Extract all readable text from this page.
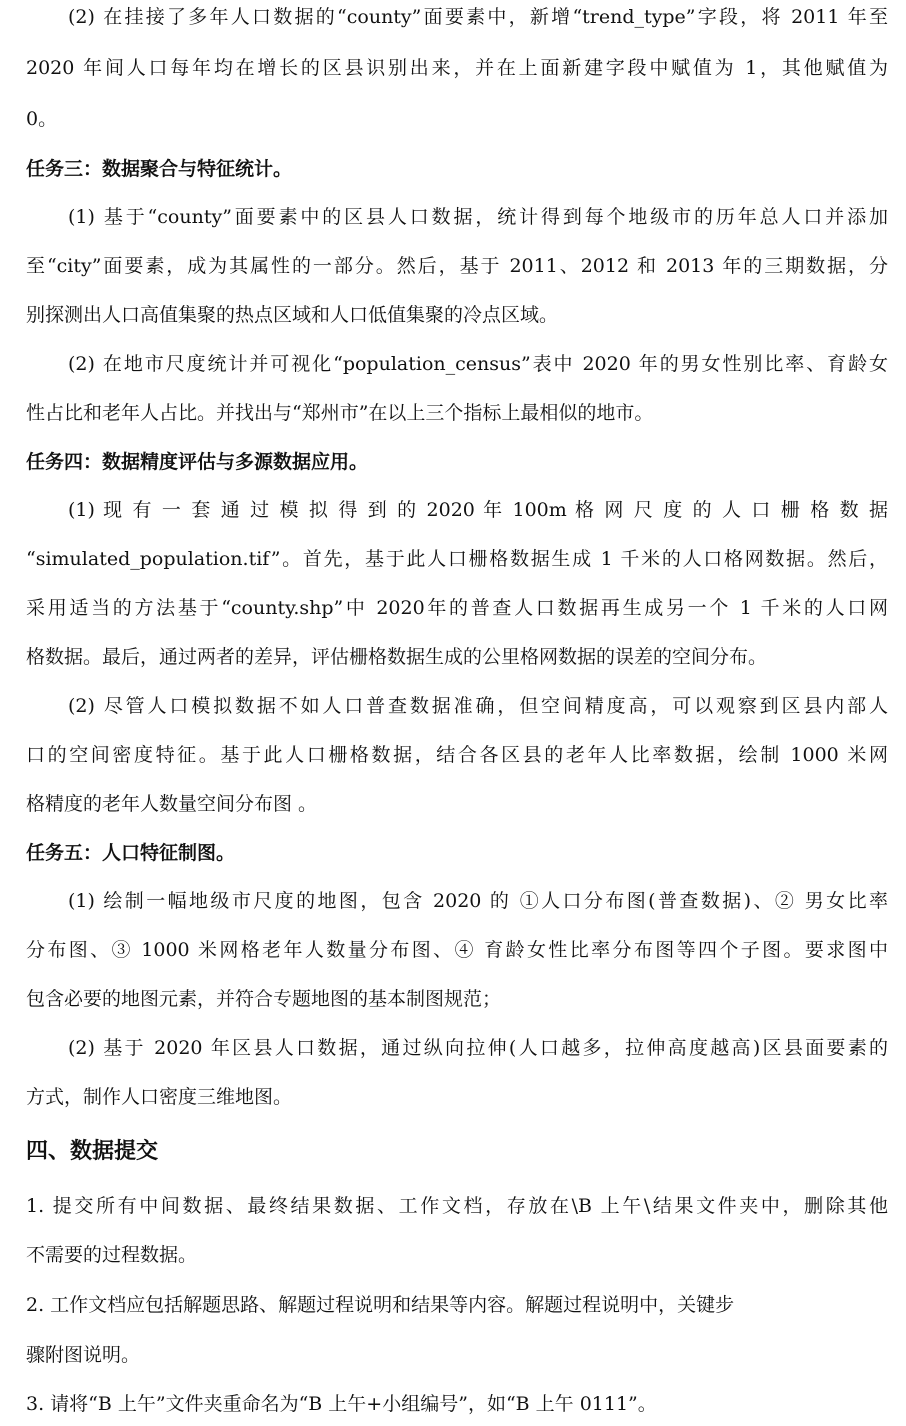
(2) 在挂接了多年人口数据的“county”面要素中，新增“trend_type”字段，将 2011 年至
2020 年间人口每年均在增长的区县识别出来，并在上面新建字段中赋值为 1，其他赋值为
0。
任务三：数据聚合与特征统计。
(1) 基于“county”面要素中的区县人口数据，统计得到每个地级市的历年总人口并添加
至“city”面要素，成为其属性的一部分。然后，基于 2011、2012 和 2013 年的三期数据，分
别探测出人口高值集聚的热点区域和人口低值集聚的冷点区域。
(2) 在地市尺度统计并可视化“population_census”表中 2020 年的男女性别比率、育龄女
性占比和老年人占比。并找出与“郑州市”在以上三个指标上最相似的地市。
任务四：数据精度评估与多源数据应用。
(1) 现 有 一 套 通 过 模 拟 得 到 的 2020 年 100m 格 网 尺 度 的 人 口 栅 格 数 据
“simulated_population.tif”。首先，基于此人口栅格数据生成 1 千米的人口格网数据。然后，
采用适当的方法基于“county.shp”中 2020年的普查人口数据再生成另一个 1 千米的人口网
格数据。最后，通过两者的差异，评估栅格数据生成的公里格网数据的误差的空间分布。
(2) 尽管人口模拟数据不如人口普查数据准确，但空间精度高，可以观察到区县内部人
口的空间密度特征。基于此人口栅格数据，结合各区县的老年人比率数据，绘制 1000 米网
格精度的老年人数量空间分布图 。
任务五：人口特征制图。
(1) 绘制一幅地级市尺度的地图，包含 2020 的 ①人口分布图(普查数据)、② 男女比率
分布图、③ 1000 米网格老年人数量分布图、④ 育龄女性比率分布图等四个子图。要求图中
包含必要的地图元素，并符合专题地图的基本制图规范；
(2) 基于 2020 年区县人口数据，通过纵向拉伸(人口越多，拉伸高度越高)区县面要素的
方式，制作人口密度三维地图。
四、数据提交
1. 提交所有中间数据、最终结果数据、工作文档，存放在\B 上午\结果文件夹中，删除其他
不需要的过程数据。
2. 工作文档应包括解题思路、解题过程说明和结果等内容。解题过程说明中，关键步
骤附图说明。
3. 请将“B 上午”文件夹重命名为“B 上午+小组编号”，如“B 上午 0111”。
